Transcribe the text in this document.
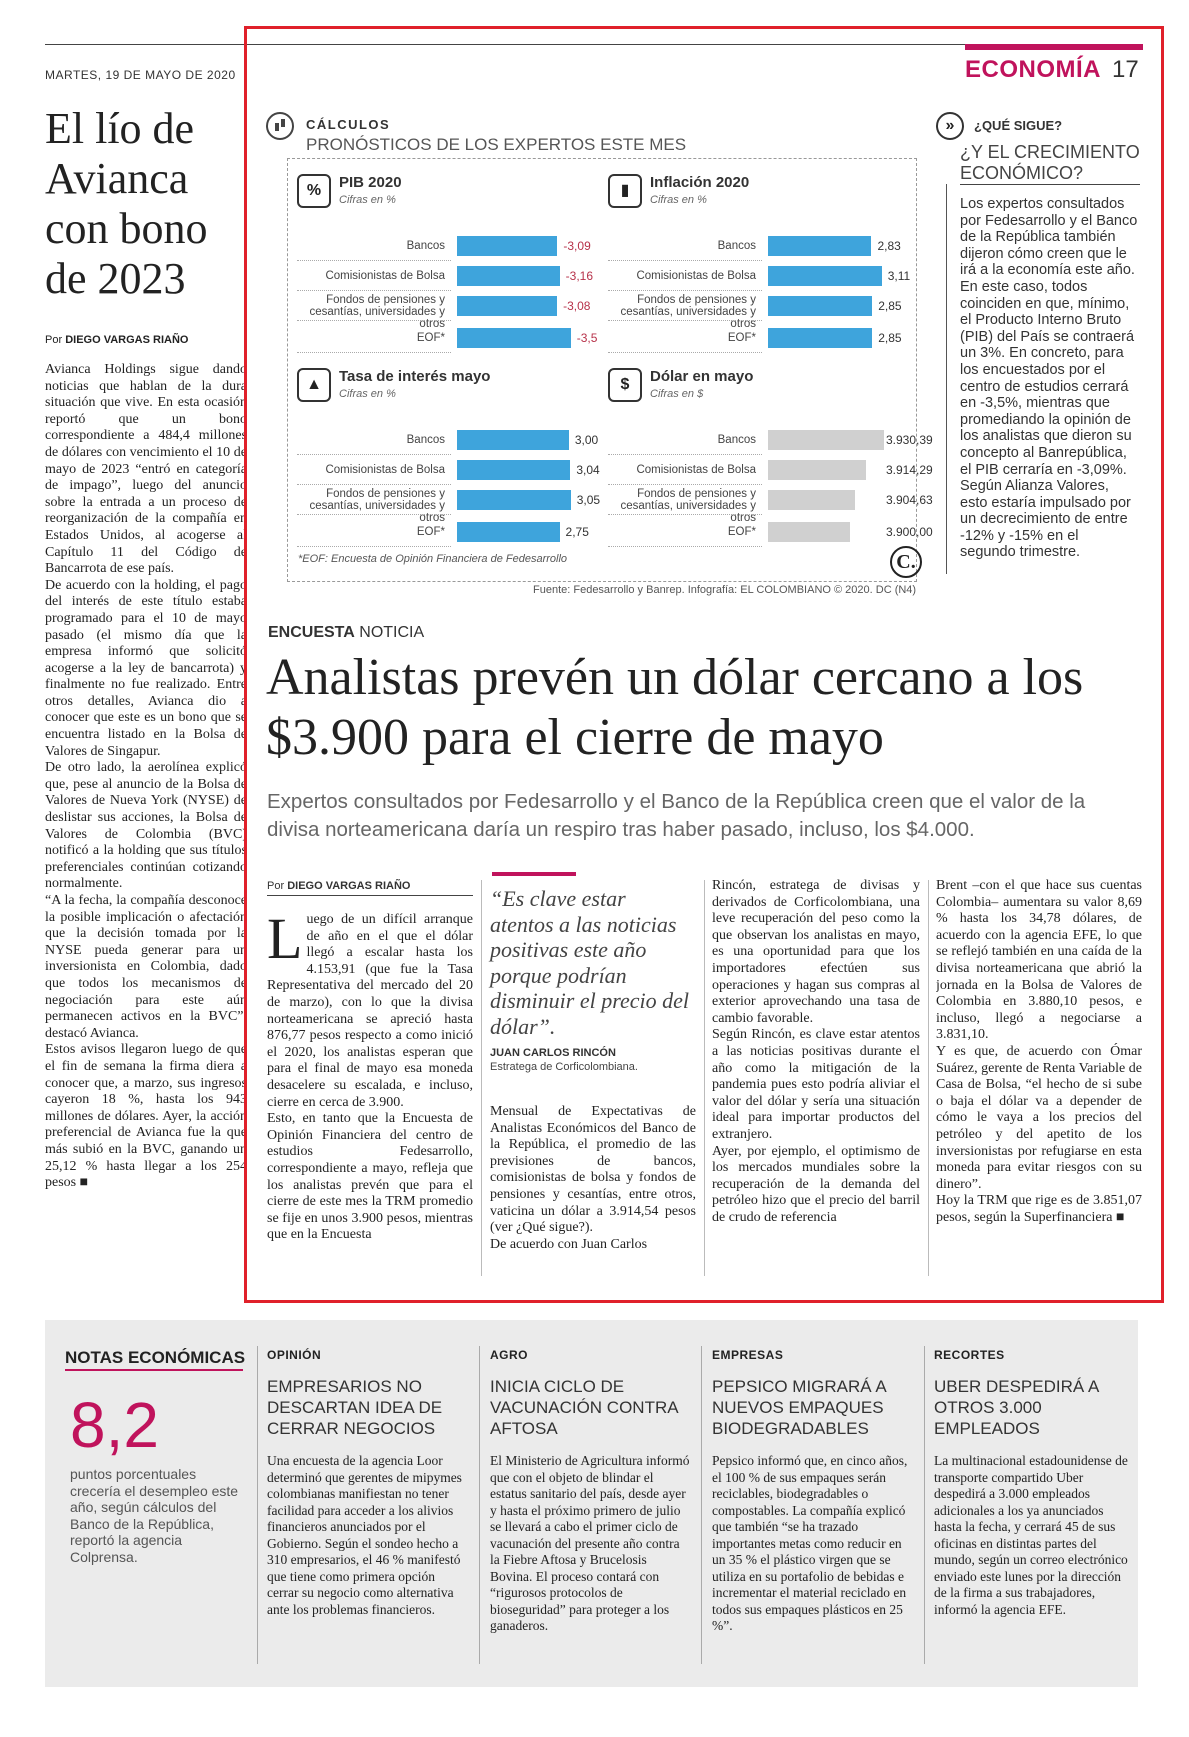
MARTES, 19 DE MAYO DE 2020	ECONOMÍA 17
El lío de Avianca con bono de 2023
Por DIEGO VARGAS RIAÑO
Avianca Holdings sigue dando noticias que hablan de la dura situación que vive. En esta ocasión reportó que un bono correspondiente a 484,4 millones de dólares con vencimiento el 10 de mayo de 2023 “entró en categoría de impago”, luego del anuncio sobre la entrada a un proceso de reorganización de la compañía en Estados Unidos, al acogerse al Capítulo 11 del Código de Bancarrota de ese país.
De acuerdo con la holding, el pago del interés de este título estaba programado para el 10 de mayo pasado (el mismo día que la empresa informó que solicitó acogerse a la ley de bancarrota) y finalmente no fue realizado. Entre otros detalles, Avianca dio a conocer que este es un bono que se encuentra listado en la Bolsa de Valores de Singapur.
De otro lado, la aerolínea explicó que, pese al anuncio de la Bolsa de Valores de Nueva York (NYSE) de deslistar sus acciones, la Bolsa de Valores de Colombia (BVC) notificó a la holding que sus títulos preferenciales continúan cotizando normalmente.
“A la fecha, la compañía desconoce la posible implicación o afectación que la decisión tomada por la NYSE pueda generar para un inversionista en Colombia, dado que todos los mecanismos de negociación para este aún permanecen activos en la BVC”, destacó Avianca.
Estos avisos llegaron luego de que el fin de semana la firma diera a conocer que, a marzo, sus ingresos cayeron 18 %, hasta los 943 millones de dólares. Ayer, la acción preferencial de Avianca fue la que más subió en la BVC, ganando un 25,12 % hasta llegar a los 254 pesos ■
CÁLCULOS
PRONÓSTICOS DE LOS EXPERTOS ESTE MES
%	PIB 2020
Cifras en %
Bancos	-3,09
Comisionistas de Bolsa	-3,16
Fondos de pensiones y cesantías, universidades y otros
-3,08
EOF*	-3,5
▮	Inflación 2020
Cifras en %
Bancos	2,83
Comisionistas de Bolsa	3,11
Fondos de pensiones y cesantías, universidades y otros
2,85
EOF*	2,85
▲	Tasa de interés mayo
Cifras en %
Bancos	3,00
Comisionistas de Bolsa	3,04
Fondos de pensiones y cesantías, universidades y otros
3,05
EOF*	2,75
$	Dólar en mayo
Cifras en $
Bancos	3.930,39
Comisionistas de Bolsa	3.914,29
Fondos de pensiones y cesantías, universidades y otros
3.904,63
EOF*	3.900,00
*EOF: Encuesta de Opinión Financiera de Fedesarrollo	C.
Fuente: Fedesarrollo y Banrep. Infografía: EL COLOMBIANO © 2020. DC (N4)
»	¿QUÉ SIGUE?
¿Y EL CRECIMIENTO ECONÓMICO?
Los expertos consultados por Fedesarrollo y el Banco de la República también dijeron cómo creen que le irá a la economía este año. En este caso, todos coinciden en que, mínimo, el Producto Interno Bruto (PIB) del País se contraerá un 3%. En concreto, para los encuestados por el centro de estudios cerrará en -3,5%, mientras que promediando la opinión de los analistas que dieron su concepto al Banrepública, el PIB cerraría en -3,09%. Según Alianza Valores, esto estaría impulsado por un decrecimiento de entre -12% y -15% en el segundo trimestre.
ENCUESTA NOTICIA
Analistas prevén un dólar cercano a los $3.900 para el cierre de mayo
Expertos consultados por Fedesarrollo y el Banco de la República creen que el valor de la divisa norteamericana daría un respiro tras haber pasado, incluso, los $4.000.
Por DIEGO VARGAS RIAÑO
Luego de un difícil arranque de año en el que el dólar llegó a escalar hasta los 4.153,91 (que fue la Tasa Representativa del mercado del 20 de marzo), con lo que la divisa norteamericana se apreció hasta 876,77 pesos respecto a como inició el 2020, los analistas esperan que para el final de mayo esa moneda desacelere su escalada, e incluso, cierre en cerca de 3.900.
Esto, en tanto que la Encuesta de Opinión Financiera del centro de estudios Fedesarrollo, correspondiente a mayo, refleja que los analistas prevén que para el cierre de este mes la TRM promedio se fije en unos 3.900 pesos, mientras que en la Encuesta
“Es clave estar atentos a las noticias positivas este año porque podrían disminuir el precio del dólar”.
JUAN CARLOS RINCÓN
Estratega de Corficolombiana.
Mensual de Expectativas de Analistas Económicos del Banco de la República, el promedio de las previsiones de bancos, comisionistas de bolsa y fondos de pensiones y cesantías, entre otros, vaticina un dólar a 3.914,54 pesos (ver ¿Qué sigue?).
De acuerdo con Juan Carlos
Rincón, estratega de divisas y derivados de Corficolombiana, una leve recuperación del peso como la que observan los analistas en mayo, es una oportunidad para que los importadores efectúen sus operaciones y hagan sus compras al exterior aprovechando una tasa de cambio favorable.
Según Rincón, es clave estar atentos a las noticias positivas durante el año como la mitigación de la pandemia pues esto podría aliviar el valor del dólar y sería una situación ideal para importar productos del extranjero.
Ayer, por ejemplo, el optimismo de los mercados mundiales sobre la recuperación de la demanda del petróleo hizo que el precio del barril de crudo de referencia
Brent –con el que hace sus cuentas Colombia– aumentara su valor 8,69 % hasta los 34,78 dólares, de acuerdo con la agencia EFE, lo que se reflejó también en una caída de la divisa norteamericana que abrió la jornada en la Bolsa de Valores de Colombia en 3.880,10 pesos, e incluso, llegó a negociarse a 3.831,10.
Y es que, de acuerdo con Ómar Suárez, gerente de Renta Variable de Casa de Bolsa, “el hecho de si sube o baja el dólar va a depender de cómo le vaya a los precios del petróleo y del apetito de los inversionistas por refugiarse en esta moneda para evitar riesgos con su dinero”.
Hoy la TRM que rige es de 3.851,07 pesos, según la Superfinanciera ■
NOTAS ECONÓMICAS
8,2
puntos porcentuales crecería el desempleo este año, según cálculos del Banco de la República, reportó la agencia Colprensa.
OPINIÓN
EMPRESARIOS NO DESCARTAN IDEA DE CERRAR NEGOCIOS
Una encuesta de la agencia Loor determinó que gerentes de mipymes colombianas manifiestan no tener facilidad para acceder a los alivios financieros anunciados por el Gobierno. Según el sondeo hecho a 310 empresarios, el 46 % manifestó que tiene como primera opción cerrar su negocio como alternativa ante los problemas financieros.
AGRO
INICIA CICLO DE VACUNACIÓN CONTRA AFTOSA
El Ministerio de Agricultura informó que con el objeto de blindar el estatus sanitario del país, desde ayer y hasta el próximo primero de julio se llevará a cabo el primer ciclo de vacunación del presente año contra la Fiebre Aftosa y Brucelosis Bovina. El proceso contará con “rigurosos protocolos de bioseguridad” para proteger a los ganaderos.
EMPRESAS
PEPSICO MIGRARÁ A NUEVOS EMPAQUES BIODEGRADABLES
Pepsico informó que, en cinco años, el 100 % de sus empaques serán reciclables, biodegradables o compostables. La compañía explicó que también “se ha trazado importantes metas como reducir en un 35 % el plástico virgen que se utiliza en su portafolio de bebidas e incrementar el material reciclado en todos sus empaques plásticos en 25 %”.
RECORTES
UBER DESPEDIRÁ A OTROS 3.000 EMPLEADOS
La multinacional estadounidense de transporte compartido Uber despedirá a 3.000 empleados adicionales a los ya anunciados hasta la fecha, y cerrará 45 de sus oficinas en distintas partes del mundo, según un correo electrónico enviado este lunes por la dirección de la firma a sus trabajadores, informó la agencia EFE.
